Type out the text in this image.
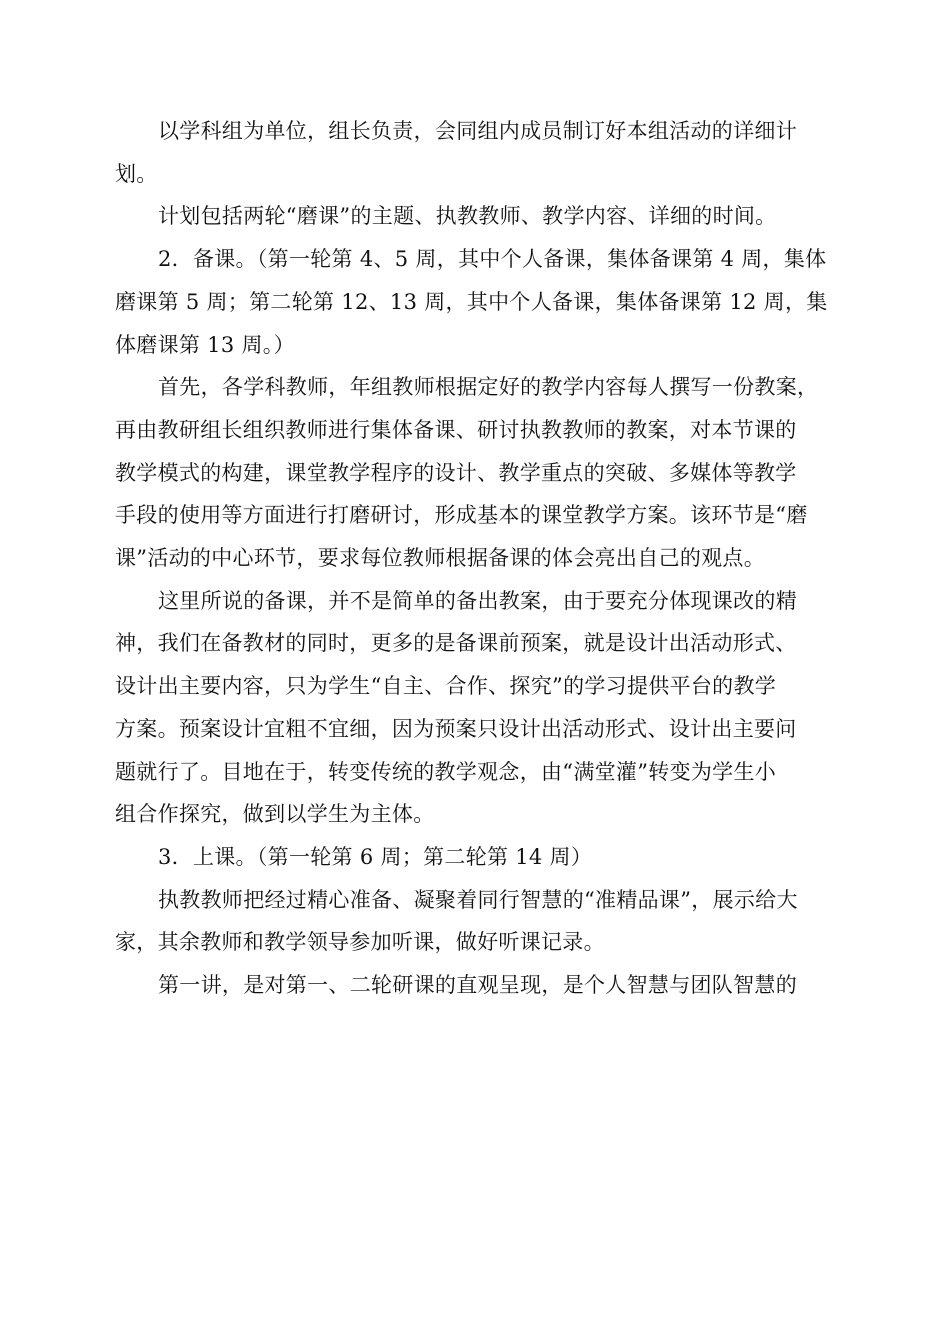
以学科组为单位，组长负责，会同组内成员制订好本组活动的详细计
划。

计划包括两轮“磨课”的主题、执教教师、教学内容、详细的时间。

2．备课。（第一轮第 4、5 周，其中个人备课，集体备课第 4 周，集体
磨课第 5 周；第二轮第 12、13 周，其中个人备课，集体备课第 12 周，集
体磨课第 13 周。）

首先，各学科教师，年组教师根据定好的教学内容每人撰写一份教案，
再由教研组长组织教师进行集体备课、研讨执教教师的教案，对本节课的
教学模式的构建，课堂教学程序的设计、教学重点的突破、多媒体等教学
手段的使用等方面进行打磨研讨，形成基本的课堂教学方案。该环节是“磨
课”活动的中心环节，要求每位教师根据备课的体会亮出自己的观点。

这里所说的备课，并不是简单的备出教案，由于要充分体现课改的精
神，我们在备教材的同时，更多的是备课前预案，就是设计出活动形式、
设计出主要内容，只为学生“自主、合作、探究”的学习提供平台的教学
方案。预案设计宜粗不宜细，因为预案只设计出活动形式、设计出主要问
题就行了。目地在于，转变传统的教学观念，由“满堂灌”转变为学生小
组合作探究，做到以学生为主体。

3．上课。（第一轮第 6 周；第二轮第 14 周）

执教教师把经过精心准备、凝聚着同行智慧的“准精品课”，展示给大
家，其余教师和教学领导参加听课，做好听课记录。

第一讲，是对第一、二轮研课的直观呈现，是个人智慧与团队智慧的
